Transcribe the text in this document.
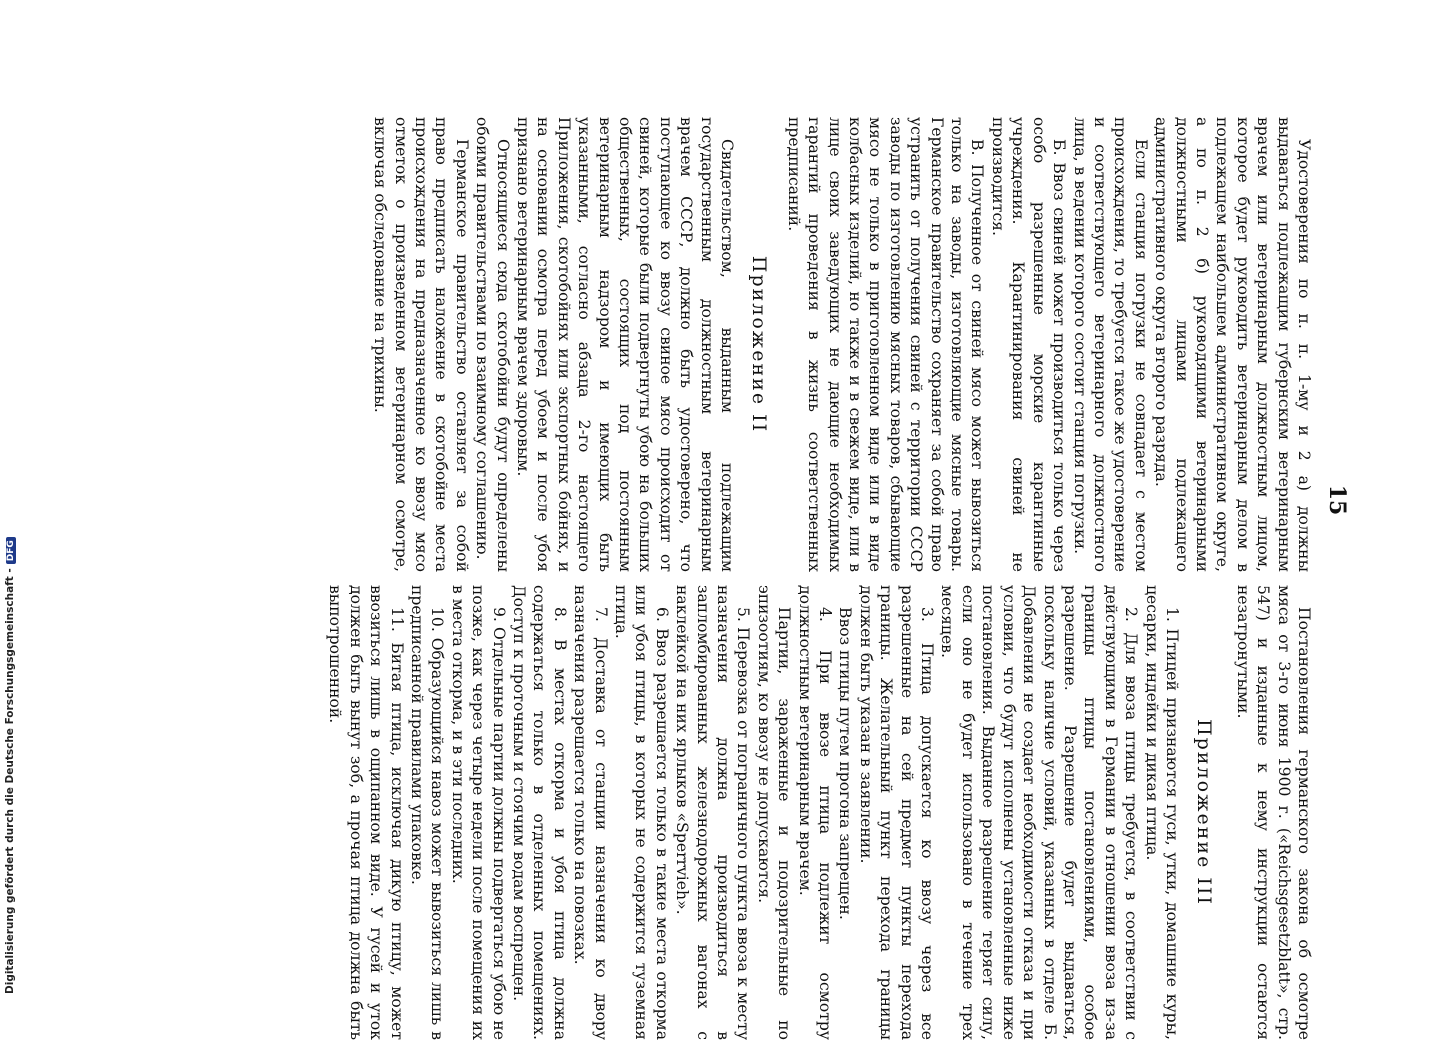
15

Удостоверения по п. п. 1-му и 2 а) должны выдаваться подлежащим губернским ветеринарным врачем или ветеринарным должностным лицом, которое будет руководить ветеринарным делом в подлежащем наибольшем административном округе, а по п. 2 б) руководящими ветеринарными должностными лицами подлежащего административного округа второго разряда.

Если станция погрузки не совпадает с местом происхождения, то требуется такое же удостоверение и соответствующего ветеринарного должностного лица, в ведении которого состоит станция погрузки.

Б. Ввоз свиней может производиться только через особо разрешенные морские карантинные учреждения. Карантинирования свиней не производится.

В. Полученное от свиней мясо может вывозиться только на заводы, изготовляющие мясные товары. Германское правительство сохраняет за собой право устранить от получения свиней с территории СССР заводы по изготовлению мясных товаров, сбывающие мясо не только в приготовленном виде или в виде колбасных изделий, но также и в свежем виде, или в лице своих заведующих не дающие необходимых гарантий проведения в жизнь соответственных предписаний.

Приложение II

Свидетельством, выданным подлежащим государственным должностным ветеринарным врачем СССР, должно быть удостоверено, что поступающее ко ввозу свиное мясо происходит от свиней, которые были подвергнуты убою на больших общественных, состоящих под постоянным ветеринарным надзором и имеющих быть указанными, согласно абзаца 2-го настоящего Приложения, скотобойнях или экспортных бойнях, и на основании осмотра перед убоем и после убоя признано ветеринарным врачем здоровым.

Относящиеся сюда скотобойни будут определены обоими правительствами по взаимному соглашению.

Германское правительство оставляет за собой право предпиcать наложение в скотобойне места происхождения на предназначенное ко ввозу мясо отметок о произведенном ветеринарном осмотре, включая обследование на трихины.

Постановления германского закона об осмотре мяса от 3-го июня 1900 г. («Reichsgesetzblatt», стр. 547) и изданные к нему инструкции остаются незатронутыми.

Приложение III

1. Птицей признаются гуси, утки, домашние куры, цесарки, индейки и дикая птица.

2. Для ввоза птицы требуется, в соответствии с действующими в Германии в отношении ввоза из-за границы птицы постановлениями, особое разрешение. Разрешение будет выдаваться, поскольку наличие условий, указанных в отделе Б. Добавления не создает необходимости отказа и при условии, что будут исполнены установленные ниже постановления. Выданное разрешение теряет силу, если оно не будет использовано в течение трех месяцев.

3. Птица допускается ко ввозу через все разрешенные на сей предмет пункты перехода границы. Желательный пункт перехода границы должен быть указан в заявлении.

Ввоз птицы путем прогона запрещен.

4. При ввозе птица подлежит осмотру должностным ветеринарным врачем.

Партии, зараженные и подозрительные по эпизоотиям, ко ввозу не допускаются.

5. Перевозка от пограничного пункта ввоза к месту назначения должна производиться в запломбированных железнодорожных вагонах с наклейкой на них ярлыков «Sperrvieh».

6. Ввоз разрешается только в такие места откорма или убоя птицы, в которых не содержится туземная птица.

7. Доставка от станции назначения ко двору назначения разрешается только на повозках.

8. В местах откорма и убоя птица должна содержаться только в отделенных помещениях. Доступ к проточным и стоячим водам воспрещен.

9. Отдельные партии должны подвергаться убою не позже, как через четыре недели после помещения их в места откорма, и в эти последних.

10. Образующийся навоз может вывозиться лишь в предписанной правилами упаковке.

11. Битая птица, исключая дикую птицу, может ввозиться лишь в ощипанном виде. У гусей и уток должен быть вынут зоб, а прочая птица должна быть выпотрошенной.

Digitalisierung gefördert durch die Deutsche Forschungsgemeinschaft -DFG
